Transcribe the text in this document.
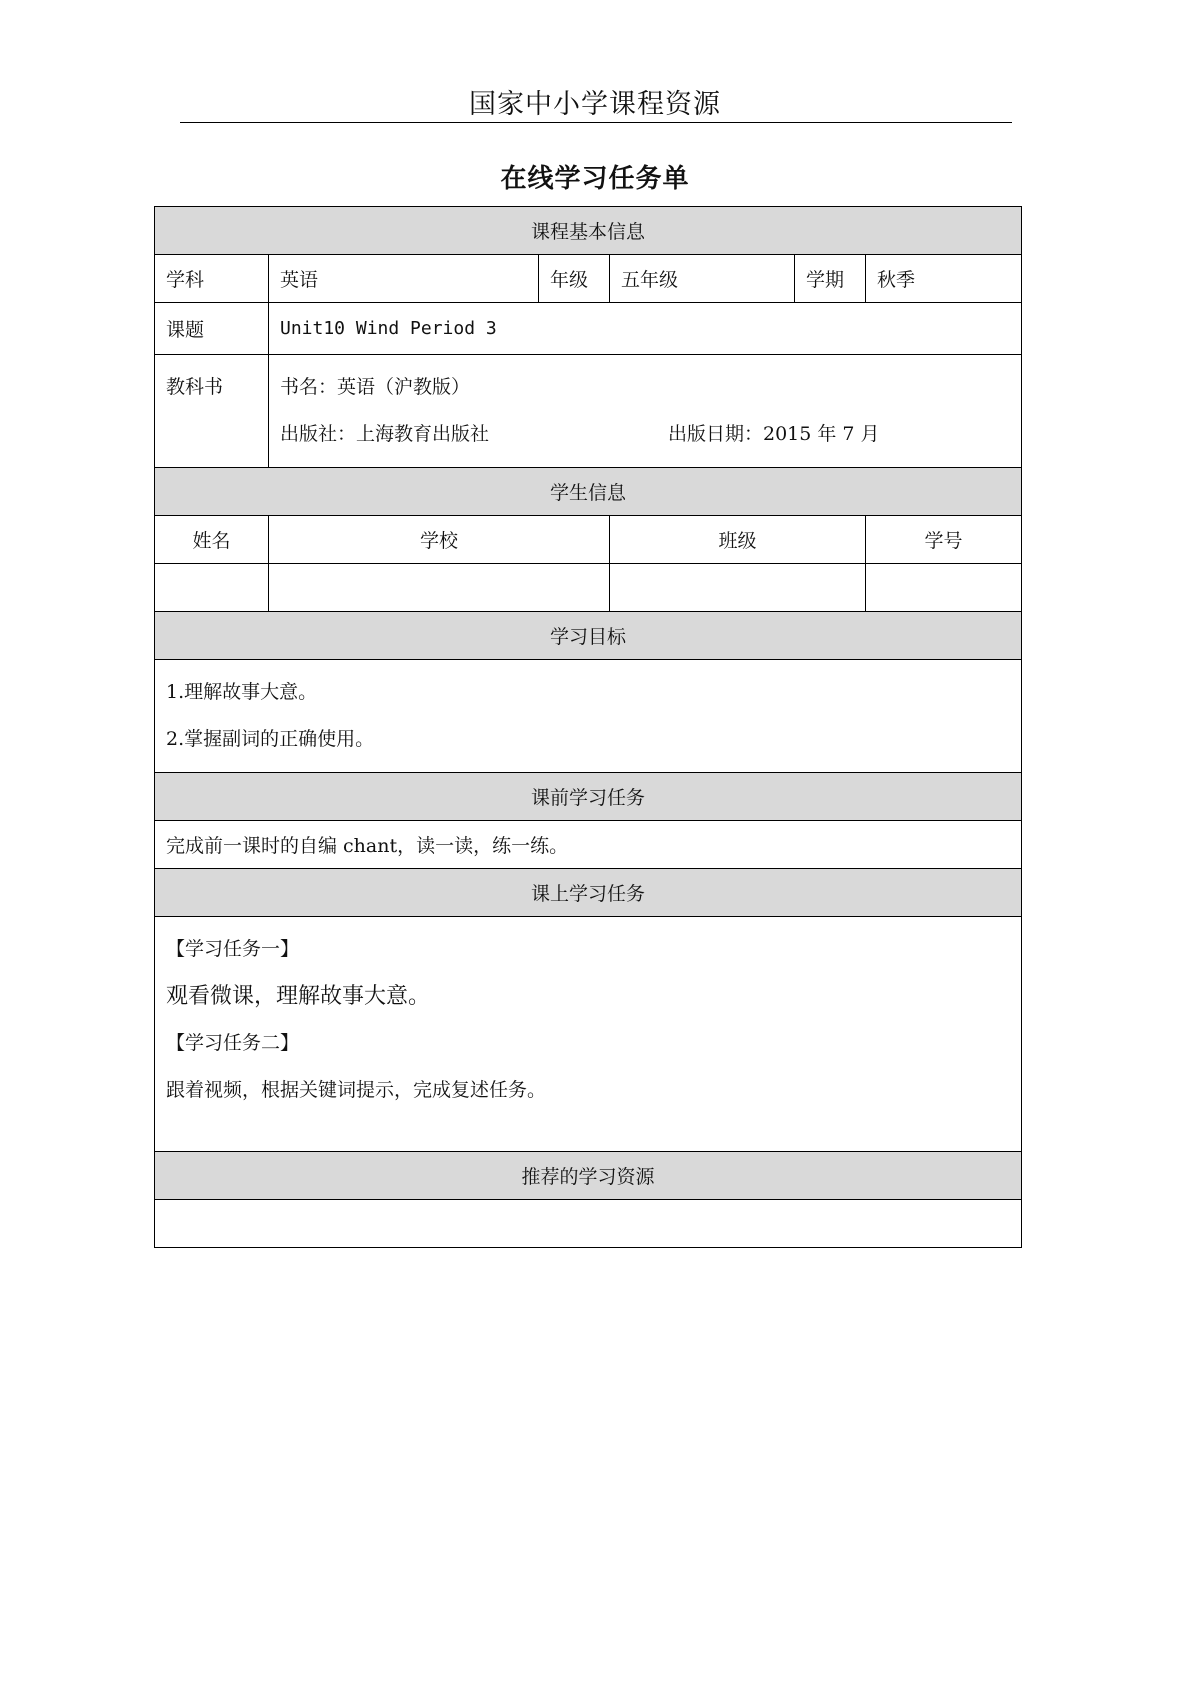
国家中小学课程资源
在线学习任务单
课程基本信息					
学科	英语	年级	五年级	学期	秋季
课题	Unit10 Wind Period 3				

教科书	书名：英语（沪教版）
出版社：上海教育出版社 出版日期：2015 年 7 月				

学生信息					
姓名	学校		班级		学号

学习目标					

1.理解故事大意。
2.掌握副词的正确使用。					

课前学习任务					
完成前一课时的自编 chant，读一读，练一练。					
课上学习任务					

【学习任务一】
观看微课，理解故事大意。
【学习任务二】
跟着视频，根据关键词提示，完成复述任务。					

推荐的学习资源					
